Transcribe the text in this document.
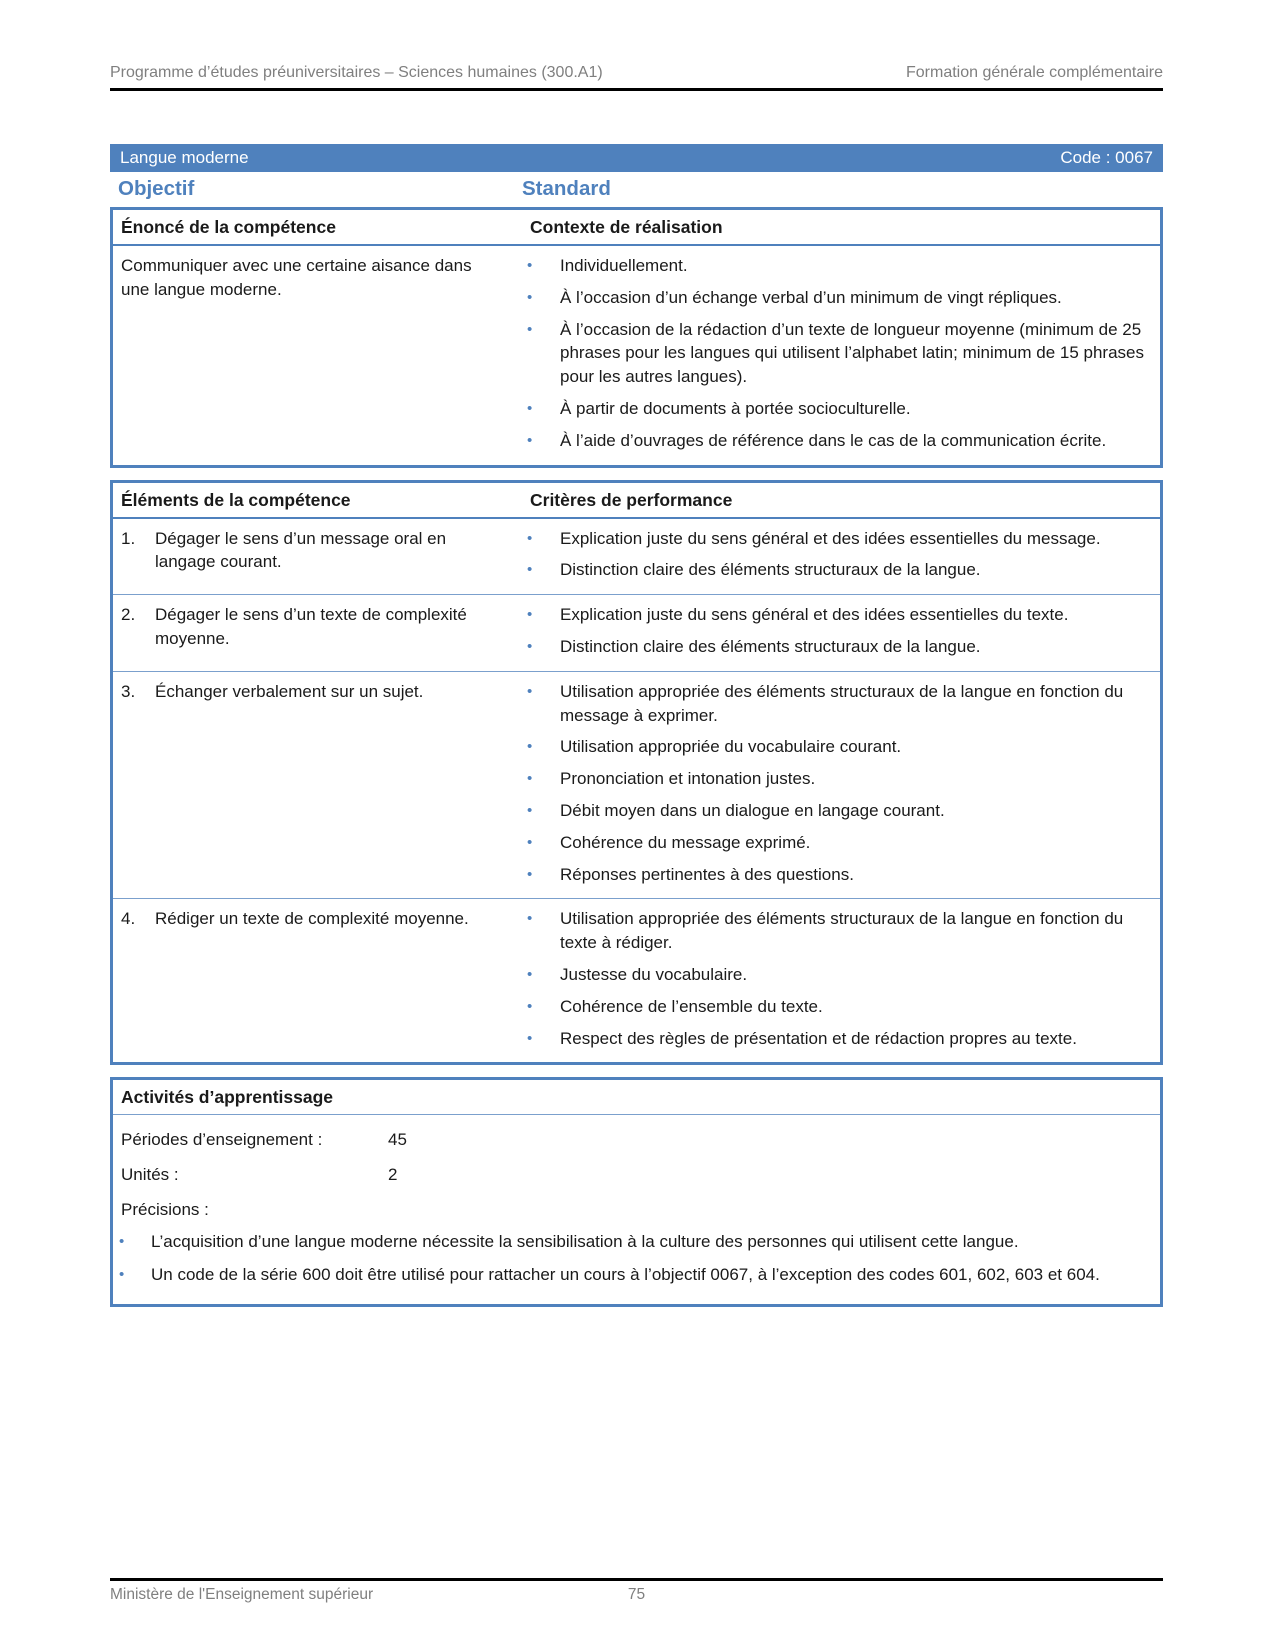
Programme d’études préuniversitaires – Sciences humaines (300.A1)	Formation générale complémentaire
Langue moderne	Code : 0067
Objectif	Standard
Énoncé de la compétence	Contexte de réalisation
Communiquer avec une certaine aisance dans une langue moderne.
•	Individuellement.
•	À l’occasion d’un échange verbal d’un minimum de vingt répliques.
•	À l’occasion de la rédaction d’un texte de longueur moyenne (minimum de 25 phrases pour les langues qui utilisent l’alphabet latin; minimum de 15 phrases pour les autres langues).
•	À partir de documents à portée socioculturelle.
•	À l’aide d’ouvrages de référence dans le cas de la communication écrite.
Éléments de la compétence	Critères de performance
1.	Dégager le sens d’un message oral en langage courant.
•	Explication juste du sens général et des idées essentielles du message.
•	Distinction claire des éléments structuraux de la langue.
2.	Dégager le sens d’un texte de complexité moyenne.
•	Explication juste du sens général et des idées essentielles du texte.
•	Distinction claire des éléments structuraux de la langue.
3.	Échanger verbalement sur un sujet.	•	Utilisation appropriée des éléments structuraux de la langue en fonction du message à exprimer.
•	Utilisation appropriée du vocabulaire courant.
•	Prononciation et intonation justes.
•	Débit moyen dans un dialogue en langage courant.
•	Cohérence du message exprimé.
•	Réponses pertinentes à des questions.
4.	Rédiger un texte de complexité moyenne.	•	Utilisation appropriée des éléments structuraux de la langue en fonction du texte à rédiger.
•	Justesse du vocabulaire.
•	Cohérence de l’ensemble du texte.
•	Respect des règles de présentation et de rédaction propres au texte.
Activités d’apprentissage
Périodes d’enseignement :	45
Unités :	2
Précisions :
•	L’acquisition d’une langue moderne nécessite la sensibilisation à la culture des personnes qui utilisent cette langue.
•	Un code de la série 600 doit être utilisé pour rattacher un cours à l’objectif 0067, à l’exception des codes 601, 602, 603 et 604.
Ministère de l'Enseignement supérieur	75
